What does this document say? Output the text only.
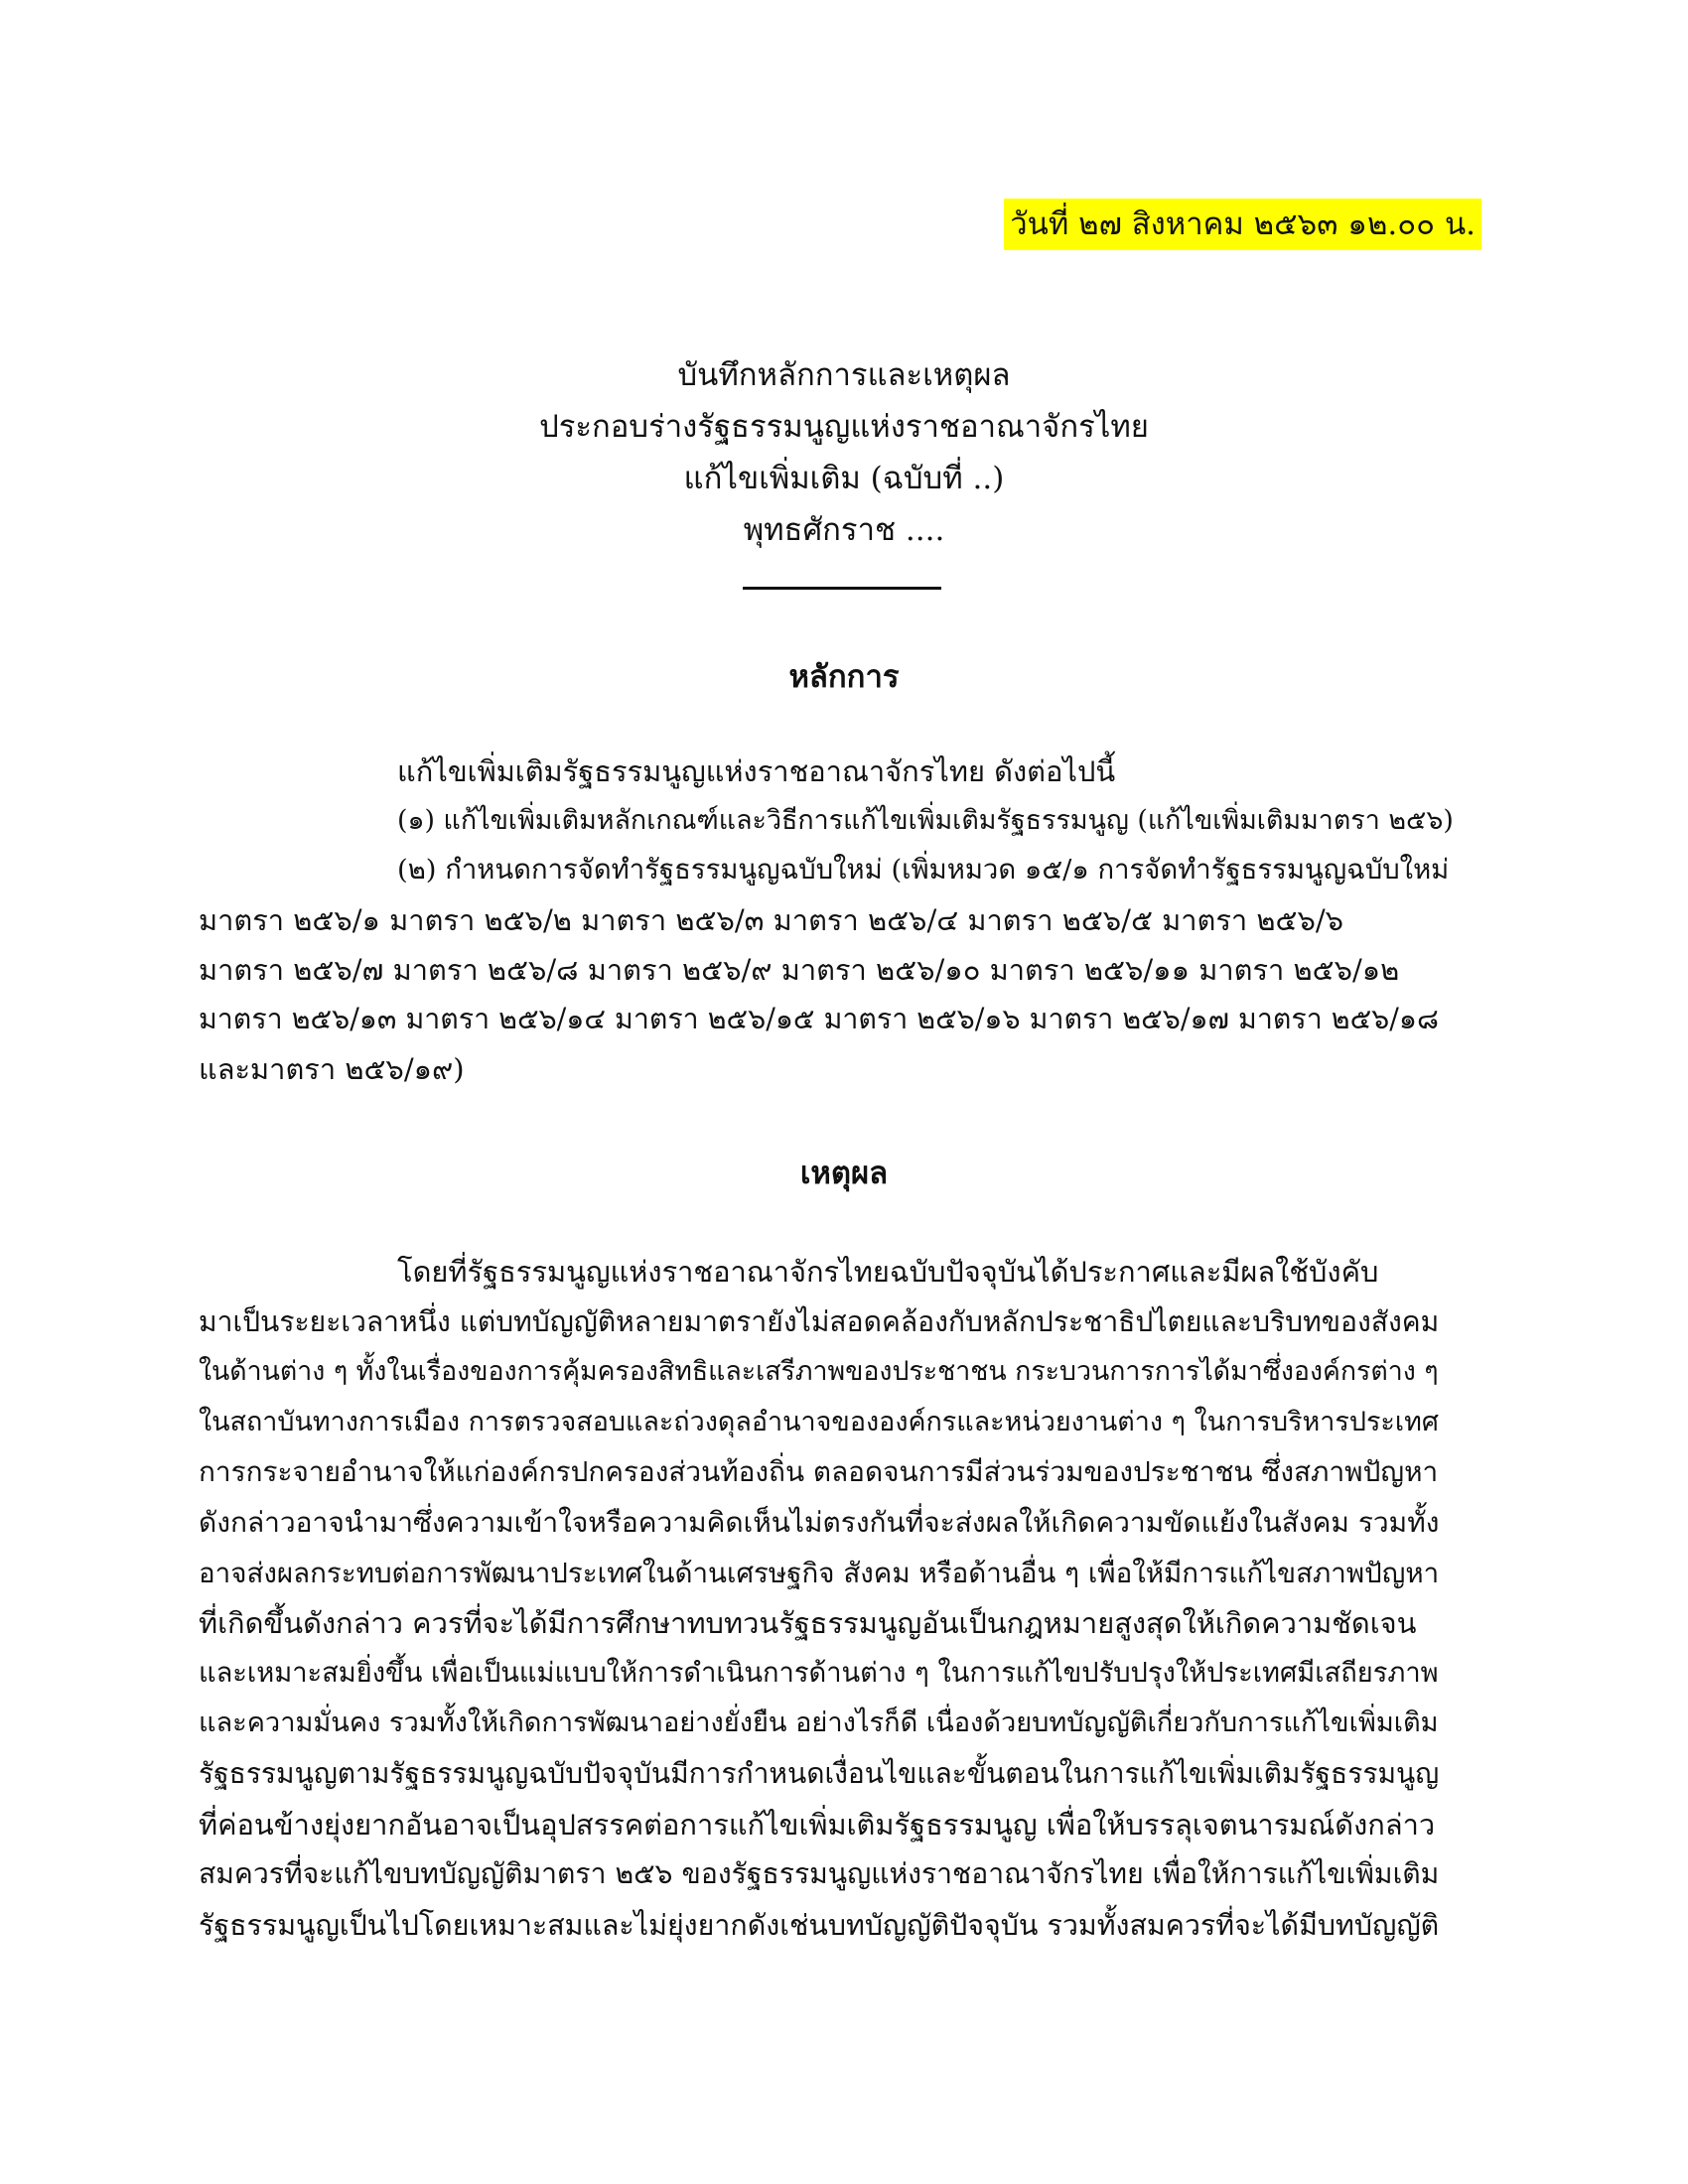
วันที่ ๒๗ สิงหาคม ๒๕๖๓ ๑๒.๐๐ น.
บันทึกหลักการและเหตุผล
ประกอบร่างรัฐธรรมนูญแห่งราชอาณาจักรไทย
แก้ไขเพิ่มเติม (ฉบับที่ ..)
พุทธศักราช ....
หลักการ
แก้ไขเพิ่มเติมรัฐธรรมนูญแห่งราชอาณาจักรไทย ดังต่อไปนี้
(๑) แก้ไขเพิ่มเติมหลักเกณฑ์และวิธีการแก้ไขเพิ่มเติมรัฐธรรมนูญ (แก้ไขเพิ่มเติมมาตรา ๒๕๖)
(๒) กำหนดการจัดทำรัฐธรรมนูญฉบับใหม่ (เพิ่มหมวด ๑๕/๑ การจัดทำรัฐธรรมนูญฉบับใหม่
มาตรา ๒๕๖/๑ มาตรา ๒๕๖/๒ มาตรา ๒๕๖/๓ มาตรา ๒๕๖/๔ มาตรา ๒๕๖/๕ มาตรา ๒๕๖/๖
มาตรา ๒๕๖/๗ มาตรา ๒๕๖/๘ มาตรา ๒๕๖/๙ มาตรา ๒๕๖/๑๐ มาตรา ๒๕๖/๑๑ มาตรา ๒๕๖/๑๒
มาตรา ๒๕๖/๑๓ มาตรา ๒๕๖/๑๔ มาตรา ๒๕๖/๑๕ มาตรา ๒๕๖/๑๖ มาตรา ๒๕๖/๑๗ มาตรา ๒๕๖/๑๘
และมาตรา ๒๕๖/๑๙)
เหตุผล
โดยที่รัฐธรรมนูญแห่งราชอาณาจักรไทยฉบับปัจจุบันได้ประกาศและมีผลใช้บังคับ
มาเป็นระยะเวลาหนึ่ง แต่บทบัญญัติหลายมาตรายังไม่สอดคล้องกับหลักประชาธิปไตยและบริบทของสังคม
ในด้านต่าง ๆ ทั้งในเรื่องของการคุ้มครองสิทธิและเสรีภาพของประชาชน กระบวนการการได้มาซึ่งองค์กรต่าง ๆ
ในสถาบันทางการเมือง การตรวจสอบและถ่วงดุลอำนาจขององค์กรและหน่วยงานต่าง ๆ ในการบริหารประเทศ
การกระจายอำนาจให้แก่องค์กรปกครองส่วนท้องถิ่น ตลอดจนการมีส่วนร่วมของประชาชน ซึ่งสภาพปัญหา
ดังกล่าวอาจนำมาซึ่งความเข้าใจหรือความคิดเห็นไม่ตรงกันที่จะส่งผลให้เกิดความขัดแย้งในสังคม รวมทั้ง
อาจส่งผลกระทบต่อการพัฒนาประเทศในด้านเศรษฐกิจ สังคม หรือด้านอื่น ๆ เพื่อให้มีการแก้ไขสภาพปัญหา
ที่เกิดขึ้นดังกล่าว ควรที่จะได้มีการศึกษาทบทวนรัฐธรรมนูญอันเป็นกฎหมายสูงสุดให้เกิดความชัดเจน
และเหมาะสมยิ่งขึ้น เพื่อเป็นแม่แบบให้การดำเนินการด้านต่าง ๆ ในการแก้ไขปรับปรุงให้ประเทศมีเสถียรภาพ
และความมั่นคง รวมทั้งให้เกิดการพัฒนาอย่างยั่งยืน อย่างไรก็ดี เนื่องด้วยบทบัญญัติเกี่ยวกับการแก้ไขเพิ่มเติม
รัฐธรรมนูญตามรัฐธรรมนูญฉบับปัจจุบันมีการกำหนดเงื่อนไขและขั้นตอนในการแก้ไขเพิ่มเติมรัฐธรรมนูญ
ที่ค่อนข้างยุ่งยากอันอาจเป็นอุปสรรคต่อการแก้ไขเพิ่มเติมรัฐธรรมนูญ เพื่อให้บรรลุเจตนารมณ์ดังกล่าว
สมควรที่จะแก้ไขบทบัญญัติมาตรา ๒๕๖ ของรัฐธรรมนูญแห่งราชอาณาจักรไทย เพื่อให้การแก้ไขเพิ่มเติม
รัฐธรรมนูญเป็นไปโดยเหมาะสมและไม่ยุ่งยากดังเช่นบทบัญญัติปัจจุบัน รวมทั้งสมควรที่จะได้มีบทบัญญัติ
